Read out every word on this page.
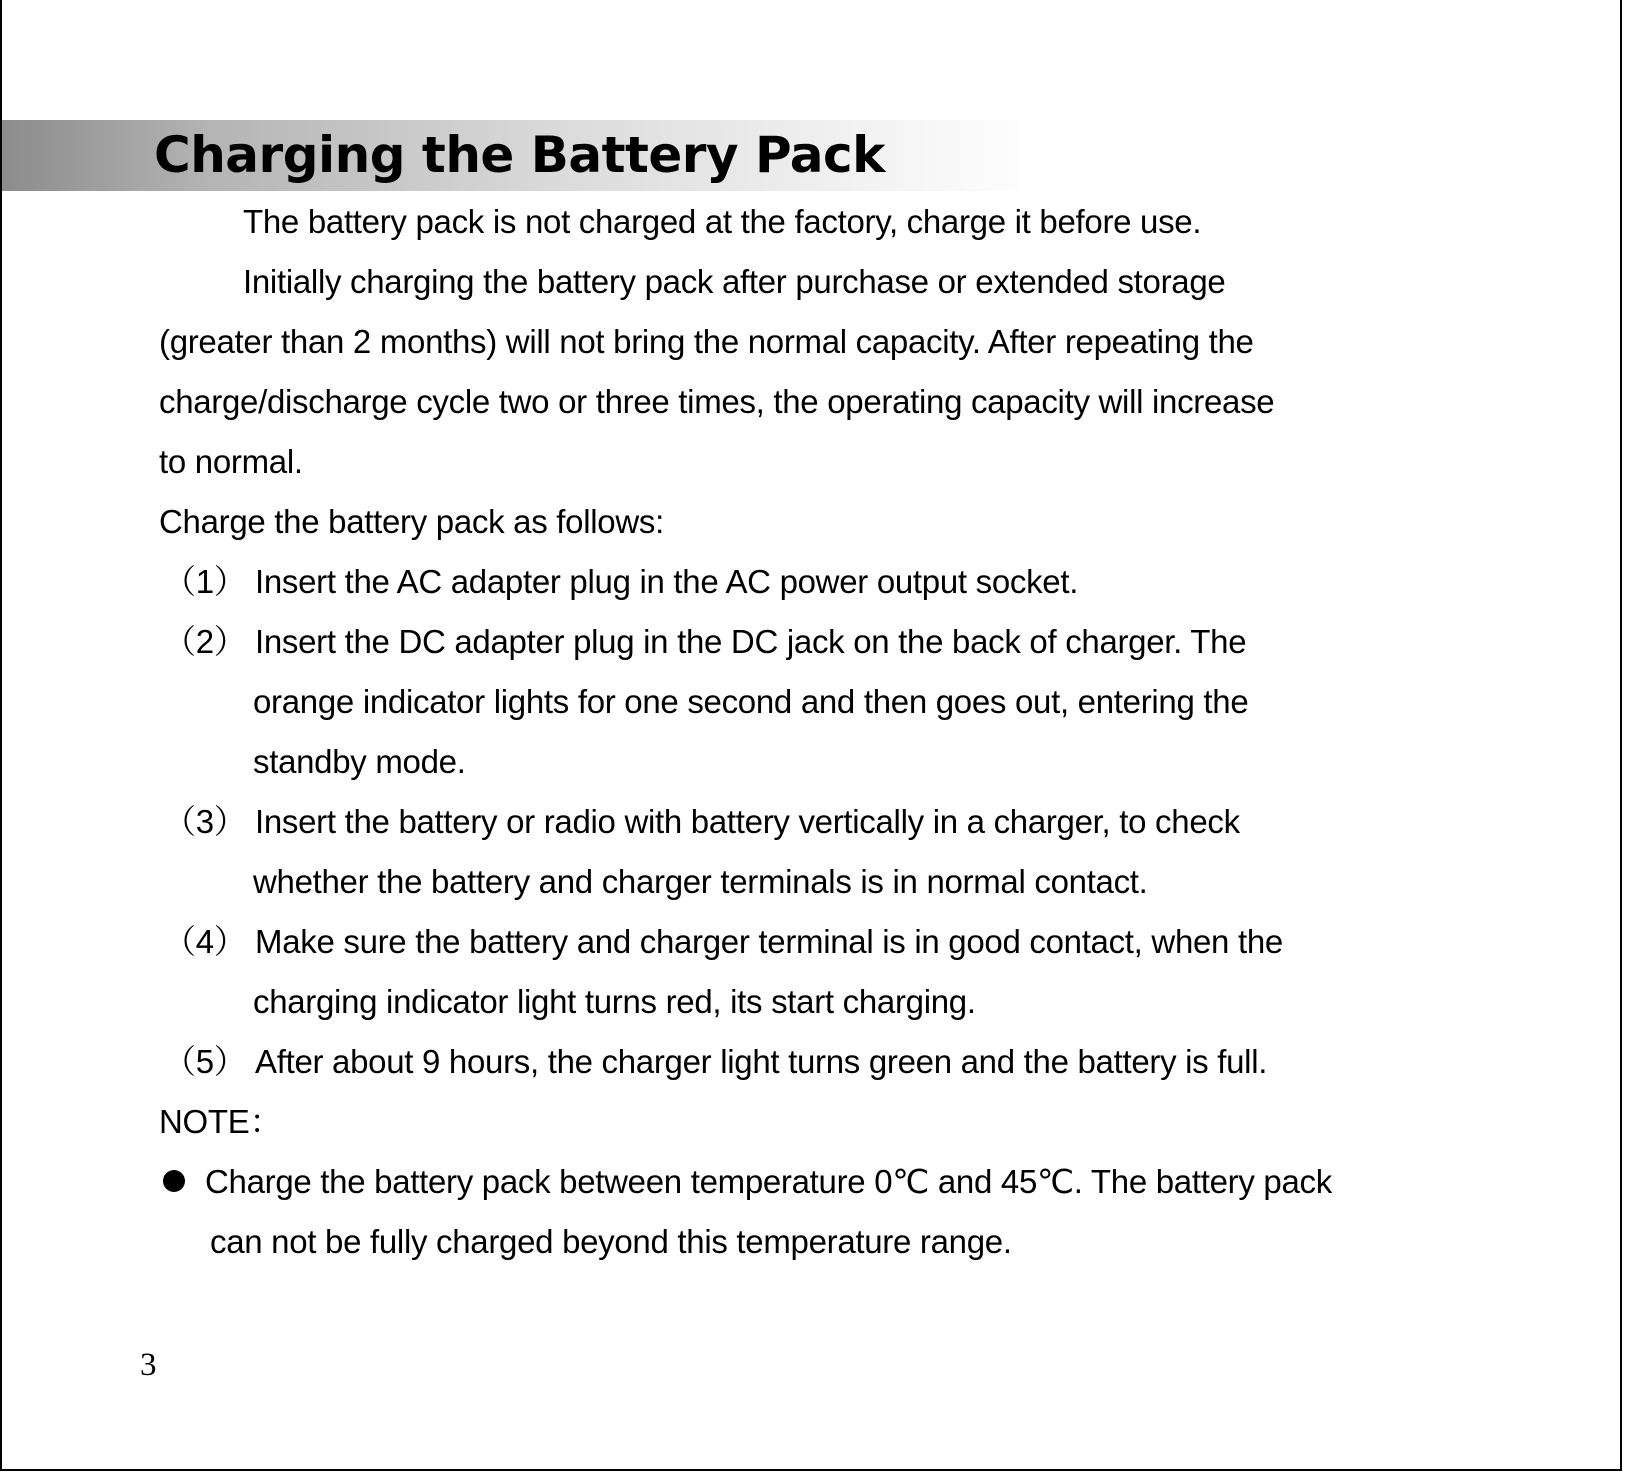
Charging the Battery Pack

The battery pack is not charged at the factory, charge it before use.

Initially charging the battery pack after purchase or extended storage

(greater than 2 months) will not bring the normal capacity. After repeating the

charge/discharge cycle two or three times, the operating capacity will increase

to normal.

Charge the battery pack as follows:

（1） Insert the AC adapter plug in the AC power output socket.

（2） Insert the DC adapter plug in the DC jack on the back of charger. The

orange indicator lights for one second and then goes out, entering the

standby mode.

（3） Insert the battery or radio with battery vertically in a charger, to check

whether the battery and charger terminals is in normal contact.

（4） Make sure the battery and charger terminal is in good contact, when the

charging indicator light turns red, its start charging.

（5） After about 9 hours, the charger light turns green and the battery is full.

NOTE：

Charge the battery pack between temperature 0℃ and 45℃. The battery pack

can not be fully charged beyond this temperature range.

3
